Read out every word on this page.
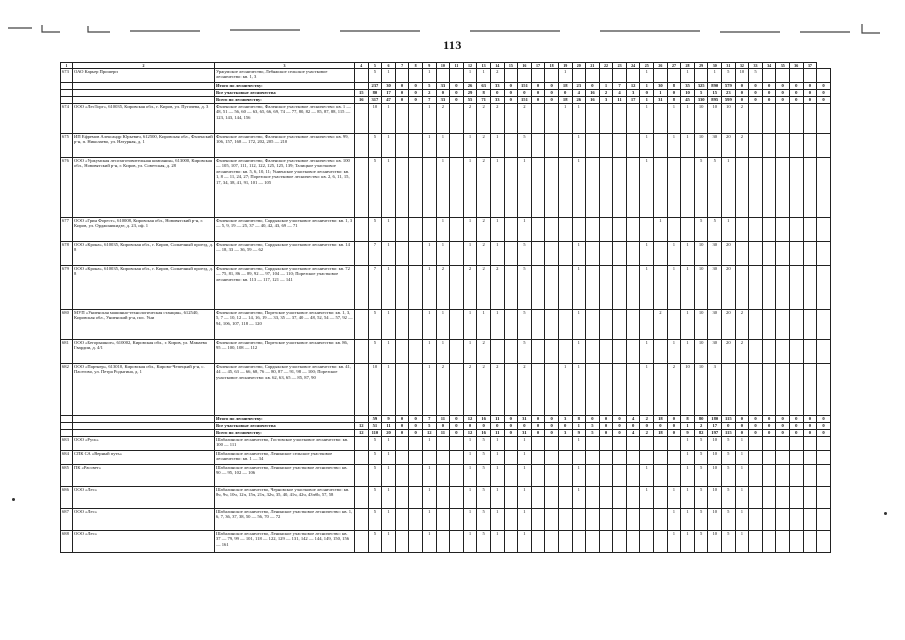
113
1	2	3	4	5	6	7	8	9	10	11	12	13	14	15	16	17	18	19	20	21	22	23	24	25	26	27	28	29	30	31	32	33	34	35	36	37	
673	ОАО Карьер Прошерп	Уржумское лесничество, Лебяжское сельское участковое лесничество: кв. 1, 3		5	1			1			1	1	2					1						1			1		1	5	10	5					
		Итого по лесничеству:		237	30	0	0	5	33	0	26	63	33	0	151	0	0	18	23	0	1	7	12	1	30	8	35	325	890	579	0	0	0	0	0	0	0
		Все участковые лесничества	15	80	17	0	0	2	0	0	29	8	0	0	0	0	0	0	4	16	2	4	3	0	1	0	10	5	15	23	0	0	0	0	0	0	0
		Всего по лесничеству:	16	317	47	0	0	7	33	0	55	71	33	0	151	0	0	18	26	16	3	11	17	1	31	8	45	330	895	599	0	0	0	0	0	0	0
674	ООО «ЛесТорг», 610035, Кировская обл., г. Киров, ул. Пугачева, д. 3	Фаленское лесничество, Фаленское участковое лесничество: кв. 1 — 48, 51 — 56, 60 — 63, 65, 66, 69, 74 — 77, 80, 82 — 85, 87, 88, 115 — 123, 143, 144, 156		10	1			1	2		2	2	2		2			1	1					1		1	1	10	10	10	2						
675	ИП Ефремов Александр Юрьевич, 612500, Кировская обл., Фаленский р-н, п. Николаево, ул. Натурная, д. 1	Фаленское лесничество, Фаленское участковое лесничество: кв. 99, 106, 157, 168 — 172, 202, 205 — 210		5	1			1	1		1	2	1		5				1					1		1	1	10	30	20	2						
676	ООО «Уржумская лесозаготовительная компания», 613000, Кировская обл., Нововятский р-н, г. Киров, ул. Советская, д. 28	Фаленское лесничество, Фаленское участковое лесничество: кв. 100 — 105, 107, 111, 112, 122, 125, 125, 139; Талицкое участковое лесничество: кв. 5, 6, 10, 11; Униенское участковое лесничество: кв. 1, 8 — 11, 24, 27; Порезское участковое лесничество: кв. 2, 6, 11, 15, 17, 34, 38, 41, 91, 101 — 105		5	1				1		1	2	1		1				1					1				5	5	1							
677	ООО «Грин Форест», 610008, Кировская обл., Нововятский р-н, г. Киров, ул. Орджоникидзе, д. 23, оф. 1	Фаленское лесничество, Сардыкское участковое лесничество: кв. 1, 3 — 5, 9, 19 — 25, 37 — 40, 42, 43, 69 — 71		5	1				1		1	2	1		1										1			5	5	1							
678	ООО «Крона», 610035, Кировская обл., г. Киров, Солнечный проезд, д. 8	Фаленское лесничество, Сардыкское участковое лесничество: кв. 14 — 18, 33 — 36, 59 — 62		7	1			1	1		1	2	1		5				1					1		1	1	10	30	20							
679	ООО «Крона», 610035, Кировская обл., г. Киров, Солнечный проезд, д. 8	Фаленское лесничество, Сардыкское участковое лесничество: кв. 72 — 75, 81, 86 — 89, 92 — 97, 104 — 110; Порезское участковое лесничество: кв. 113 — 117, 121 — 141		7	1			1	2		2	2	2		5				1					1		1	1	10	30	20							
680	МУП «Униенская машинно-технологическая станция», 612540, Кировская обл., Униенский р-н, пос. Уни	Фаленское лесничество, Порезское участковое лесничество: кв. 1, 3, 5, 7 — 10, 12 — 14, 16, 19 — 33, 35 — 37, 40 — 48, 52, 54 — 57, 92 — 94, 106, 107, 118 — 120		5	1			1	1		1	1	1		5				1						2		1	10	30	20	2						
681	ООО «Бегорышное», 610002, Кировская обл., г. Киров, ул. Мамаева Гвардии, д. 4/1	Фаленское лесничество, Порезское участковое лесничество: кв. 86, 95 — 100, 108 — 112		5	1			1	1		1	2			5				1					1		1	1	10	30	20	2						
682	ООО «Партнер», 613010, Кировская обл., Кирово-Чепецкий р-н, с. Пасегово, ул. Петра Родыгина, д. 1	Фаленское лесничество, Сардыкское участковое лесничество: кв. 41, 44 — 45, 63 — 66, 68, 76 — 80, 87 — 91, 98 — 100; Порезское участковое лесничество: кв. 62, 63, 65 — 85, 87, 90		10	1			1	2		2	2	2		2			1	1					1		2	10	10	3								
		Итого по лесничеству:		59	9	0	0	7	11	0	12	16	11	0	31	0	0	3	8	0	0	0	4	2	18	0	8	80	180	115	0	0	0	0	0	0	0
		Все участковые лесничества	12	51	11	0	0	5	0	0	0	0	0	0	0	0	0	0	1	5	0	0	0	0	0	0	1	2	17	0	0	0	0	0	0	0	0
		Всего по лесничеству:	12	110	20	0	0	12	11	0	12	16	11	0	31	0	0	3	9	5	0	0	4	2	18	0	9	82	197	115	0	0	0	0	0	0	0
683	ООО «Русь»	Шабалинское лесничество, Гостовское участковое лесничество: кв. 100 — 111		5	1			1			1	5	1		1				1								1	5	10	5	1						
684	СПК СА «Верный путь»	Шабалинское лесничество, Ленинское сельское участковое лесничество: кв. 1 — 34		5	1						1	5	1		1												1	5	10	5	1						
685	ПК «Рассвет»	Шабалинское лесничество, Ленинское участковое лесничество: кв. 90 — 95, 102 — 106		5	1			1			1	5	1		1				1					1			1	5	10	5	1						
686	ООО «Лес»	Шабалинское лесничество, Черновское участковое лесничество: кв. 8ч, 9ч, 10ч, 12ч, 15ч, 21ч, 32ч, 35, 40, 41ч, 42ч, 43чбb, 57, 58		5	1			1			1	5	1		1				1					1		1	1	5	10	5	1						
687	ООО «Лес»	Шабалинское лесничество, Ленинское участковое лесничество: кв. 1, 6, 7, 36, 37, 38, 50 — 56, 70 — 72		5	1			1			1	5	1		1											1	1	5	10	5	1						
688	ООО «Лес»	Шабалинское лесничество, Ленинское участковое лесничество: кв. 37 — 79, 99 — 101, 118 — 122, 129 — 131, 142 — 144, 149, 150, 156 — 161		5	1			1			1	5	1		1											1	1	5	10	5	1						
